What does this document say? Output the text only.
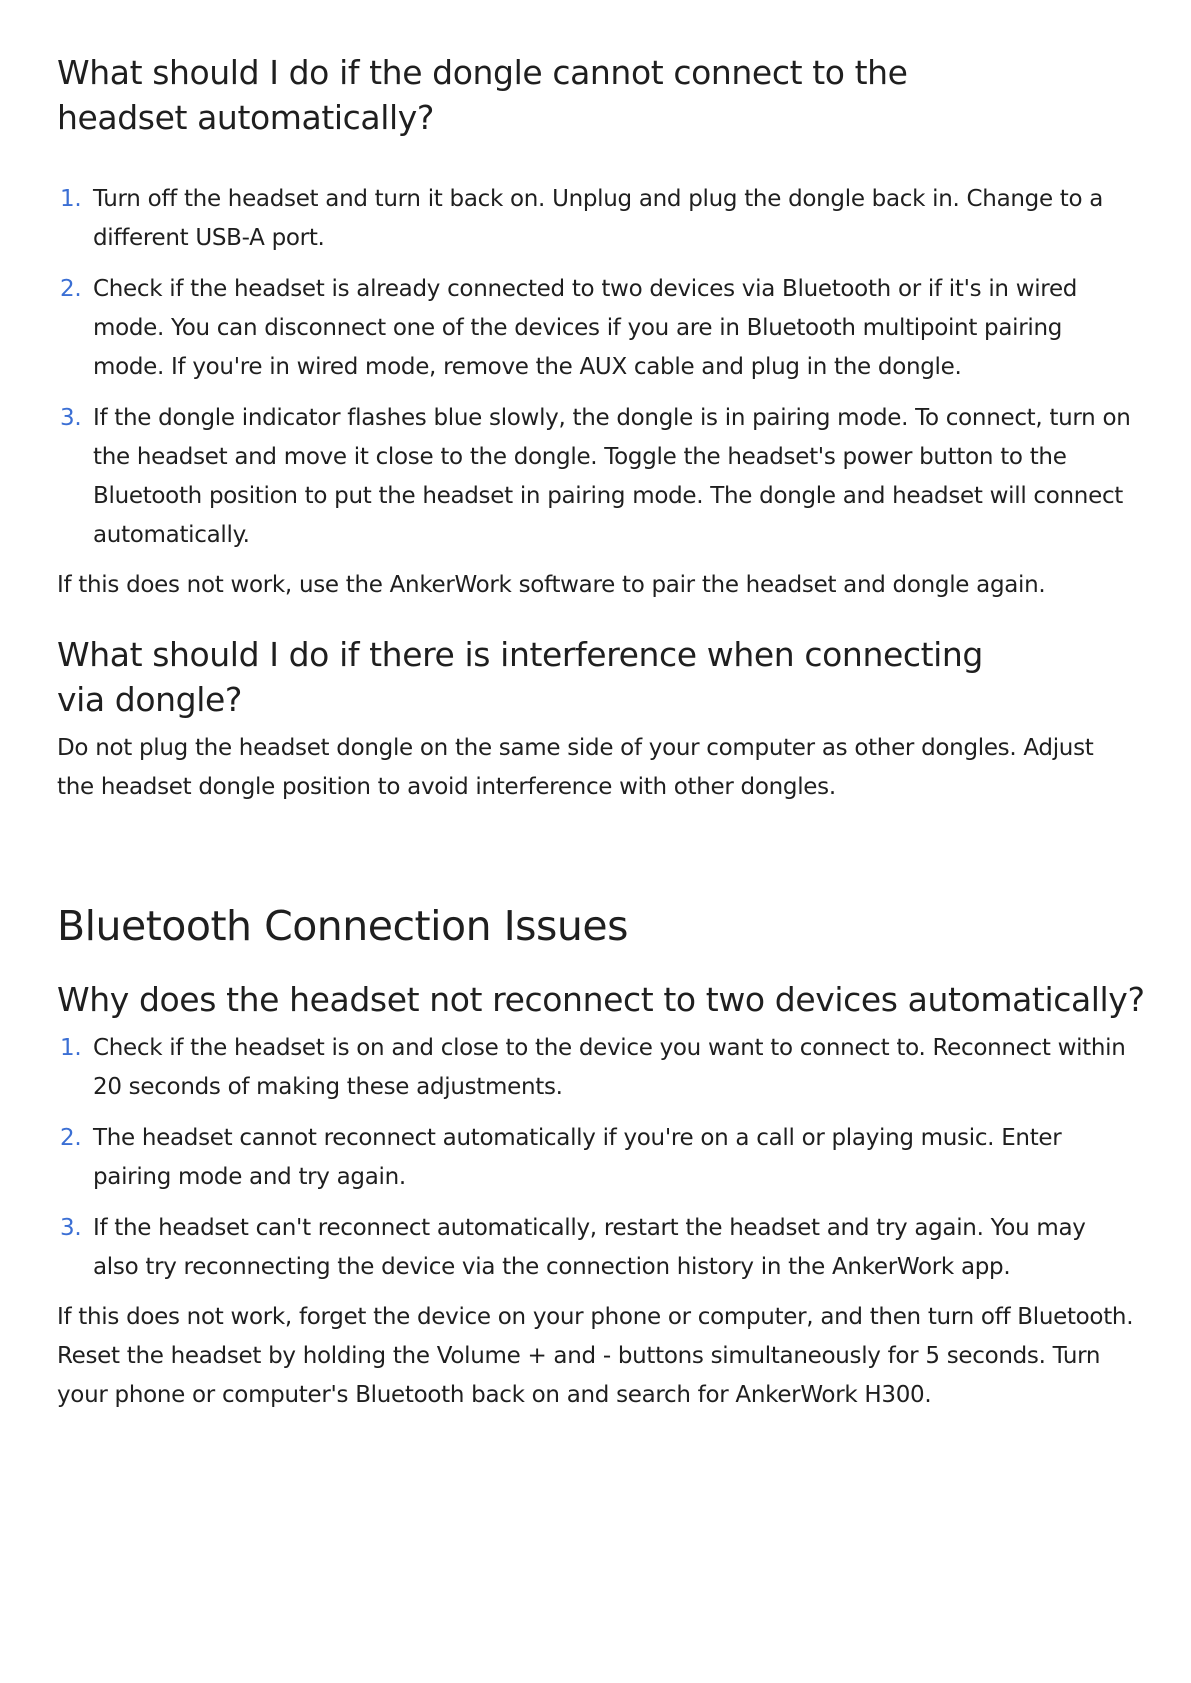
What should I do if the dongle cannot connect to the headset automatically?
1. Turn off the headset and turn it back on. Unplug and plug the dongle back in. Change to a different USB-A port.
2. Check if the headset is already connected to two devices via Bluetooth or if it's in wired mode. You can disconnect one of the devices if you are in Bluetooth multipoint pairing mode. If you're in wired mode, remove the AUX cable and plug in the dongle.
3. If the dongle indicator flashes blue slowly, the dongle is in pairing mode. To connect, turn on the headset and move it close to the dongle. Toggle the headset's power button to the Bluetooth position to put the headset in pairing mode. The dongle and headset will connect automatically.

If this does not work, use the AnkerWork software to pair the headset and dongle again.

What should I do if there is interference when connecting via dongle?

Do not plug the headset dongle on the same side of your computer as other dongles. Adjust the headset dongle position to avoid interference with other dongles.

Bluetooth Connection Issues
Why does the headset not reconnect to two devices automatically?
1. Check if the headset is on and close to the device you want to connect to. Reconnect within 20 seconds of making these adjustments.
2. The headset cannot reconnect automatically if you're on a call or playing music. Enter pairing mode and try again.
3. If the headset can't reconnect automatically, restart the headset and try again. You may also try reconnecting the device via the connection history in the AnkerWork app.

If this does not work, forget the device on your phone or computer, and then turn off Bluetooth. Reset the headset by holding the Volume + and - buttons simultaneously for 5 seconds. Turn your phone or computer's Bluetooth back on and search for AnkerWork H300.
